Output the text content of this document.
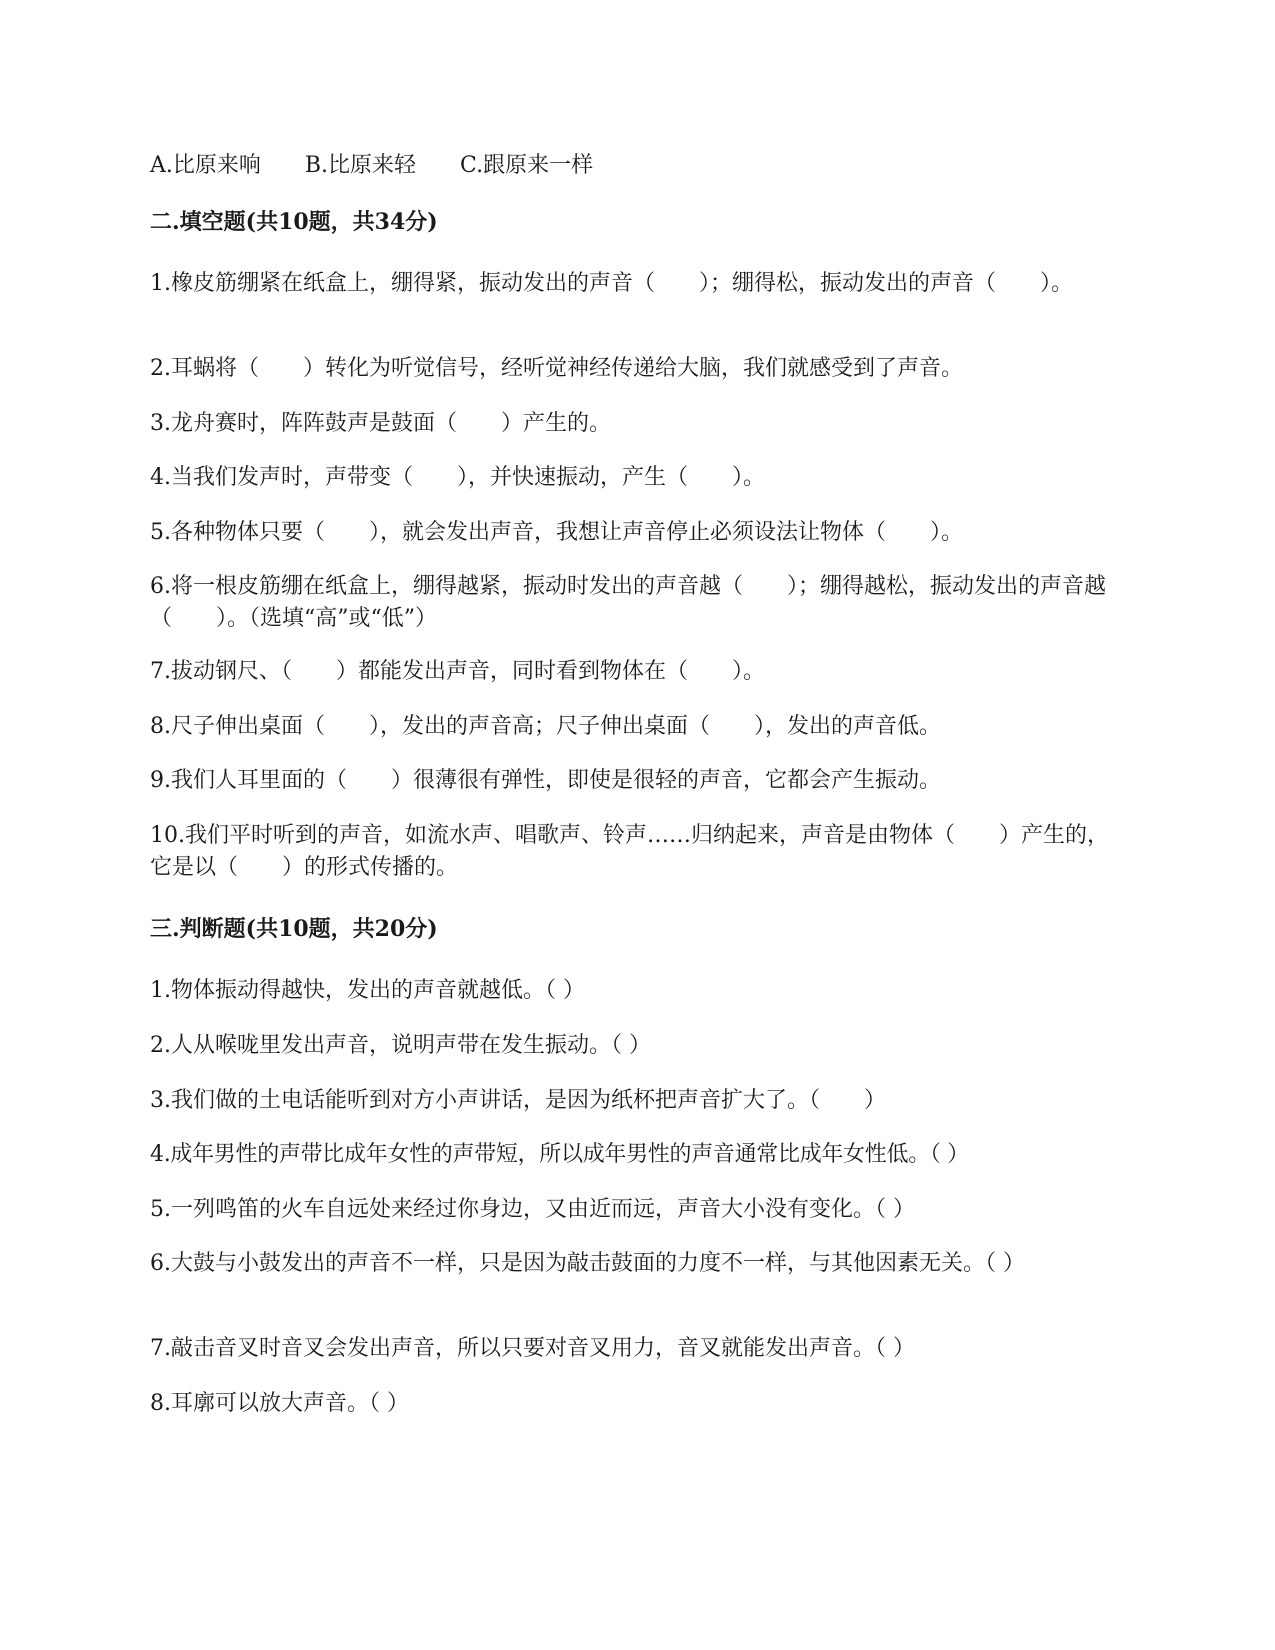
A.比原来响　　B.比原来轻　　C.跟原来一样
二.填空题(共10题，共34分)
1.橡皮筋绷紧在纸盒上，绷得紧，振动发出的声音（　　）；绷得松，振动发出的声音（　　）。
2.耳蜗将（　　）转化为听觉信号，经听觉神经传递给大脑，我们就感受到了声音。
3.龙舟赛时，阵阵鼓声是鼓面（　　）产生的。
4.当我们发声时，声带变（　　），并快速振动，产生（　　）。
5.各种物体只要（　　），就会发出声音，我想让声音停止必须设法让物体（　　）。
6.将一根皮筋绷在纸盒上，绷得越紧，振动时发出的声音越（　　）；绷得越松，振动发出的声音越（　　）。（选填“高”或“低”）
7.拔动钢尺、（　　）都能发出声音，同时看到物体在（　　）。
8.尺子伸出桌面（　　），发出的声音高；尺子伸出桌面（　　），发出的声音低。
9.我们人耳里面的（　　）很薄很有弹性，即使是很轻的声音，它都会产生振动。
10.我们平时听到的声音，如流水声、唱歌声、铃声……归纳起来，声音是由物体（　　）产生的，它是以（　　）的形式传播的。
三.判断题(共10题，共20分)
1.物体振动得越快，发出的声音就越低。（ ）
2.人从喉咙里发出声音，说明声带在发生振动。（ ）
3.我们做的土电话能听到对方小声讲话，是因为纸杯把声音扩大了。（　　）
4.成年男性的声带比成年女性的声带短，所以成年男性的声音通常比成年女性低。（ ）
5.一列鸣笛的火车自远处来经过你身边，又由近而远，声音大小没有变化。（ ）
6.大鼓与小鼓发出的声音不一样，只是因为敲击鼓面的力度不一样，与其他因素无关。（ ）
7.敲击音叉时音叉会发出声音，所以只要对音叉用力，音叉就能发出声音。（ ）
8.耳廓可以放大声音。（ ）
